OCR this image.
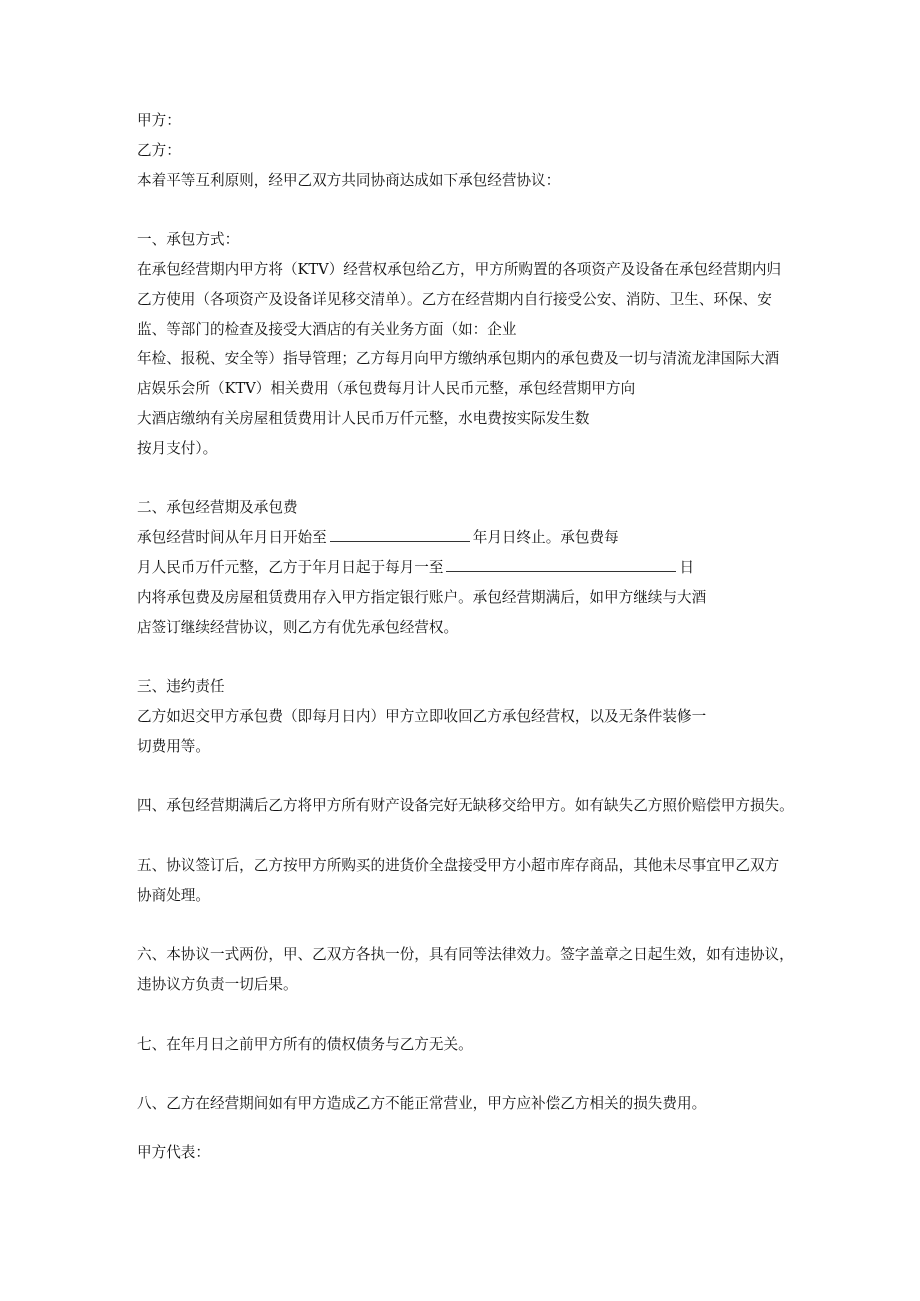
甲方：
乙方：
本着平等互利原则，经甲乙双方共同协商达成如下承包经营协议：
一、承包方式：
在承包经营期内甲方将（KTV）经营权承包给乙方，甲方所购置的各项资产及设备在承包经营期内归
乙方使用（各项资产及设备详见移交清单）。乙方在经营期内自行接受公安、消防、卫生、环保、安
监、等部门的检查及接受大酒店的有关业务方面（如：企业
年检、报税、安全等）指导管理；乙方每月向甲方缴纳承包期内的承包费及一切与清流龙津国际大酒
店娱乐会所（KTV）相关费用（承包费每月计人民币元整，承包经营期甲方向
大酒店缴纳有关房屋租赁费用计人民币万仟元整，水电费按实际发生数
按月支付）。
二、承包经营期及承包费
承包经营时间从年月日开始至	年月日终止。承包费每
月人民币万仟元整，乙方于年月日起于每月一至	日
内将承包费及房屋租赁费用存入甲方指定银行账户。承包经营期满后，如甲方继续与大酒
店签订继续经营协议，则乙方有优先承包经营权。
三、违约责任
乙方如迟交甲方承包费（即每月日内）甲方立即收回乙方承包经营权，以及无条件装修一
切费用等。
四、承包经营期满后乙方将甲方所有财产设备完好无缺移交给甲方。如有缺失乙方照价赔偿甲方损失。
五、协议签订后，乙方按甲方所购买的进货价全盘接受甲方小超市库存商品，其他未尽事宜甲乙双方
协商处理。
六、本协议一式两份，甲、乙双方各执一份，具有同等法律效力。签字盖章之日起生效，如有违协议，
违协议方负责一切后果。
七、在年月日之前甲方所有的债权债务与乙方无关。
八、乙方在经营期间如有甲方造成乙方不能正常营业，甲方应补偿乙方相关的损失费用。
甲方代表：
